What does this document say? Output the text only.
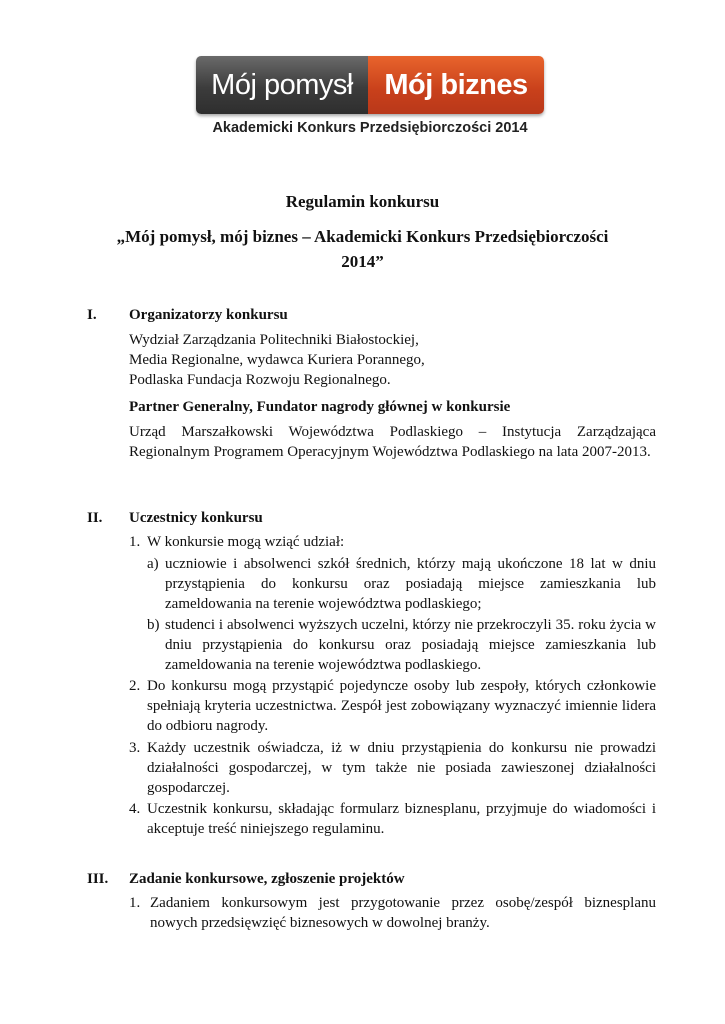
Mój pomysł	Mój biznes
Akademicki Konkurs Przedsiębiorczości 2014
Regulamin konkursu
„Mój pomysł, mój biznes – Akademicki Konkurs Przedsiębiorczości
2014”
I. Organizatorzy konkursu
Wydział Zarządzania Politechniki Białostockiej,
Media Regionalne, wydawca Kuriera Porannego,
Podlaska Fundacja Rozwoju Regionalnego.
Partner Generalny, Fundator nagrody głównej w konkursie
Urząd Marszałkowski Województwa Podlaskiego – Instytucja Zarządzająca Regionalnym Programem Operacyjnym Województwa Podlaskiego na lata 2007-2013.
II. Uczestnicy konkursu
1. W konkursie mogą wziąć udział:
a) uczniowie i absolwenci szkół średnich, którzy mają ukończone 18 lat w dniu przystąpienia do konkursu oraz posiadają miejsce zamieszkania lub zameldowania na terenie województwa podlaskiego;
b) studenci i absolwenci wyższych uczelni, którzy nie przekroczyli 35. roku życia w dniu przystąpienia do konkursu oraz posiadają miejsce zamieszkania lub zameldowania na terenie województwa podlaskiego.
2. Do konkursu mogą przystąpić pojedyncze osoby lub zespoły, których członkowie spełniają kryteria uczestnictwa. Zespół jest zobowiązany wyznaczyć imiennie lidera do odbioru nagrody.
3. Każdy uczestnik oświadcza, iż w dniu przystąpienia do konkursu nie prowadzi działalności gospodarczej, w tym także nie posiada zawieszonej działalności gospodarczej.
4. Uczestnik konkursu, składając formularz biznesplanu, przyjmuje do wiadomości i akceptuje treść niniejszego regulaminu.
III. Zadanie konkursowe, zgłoszenie projektów
1. Zadaniem konkursowym jest przygotowanie przez osobę/zespół biznesplanu nowych przedsięwzięć biznesowych w dowolnej branży.
